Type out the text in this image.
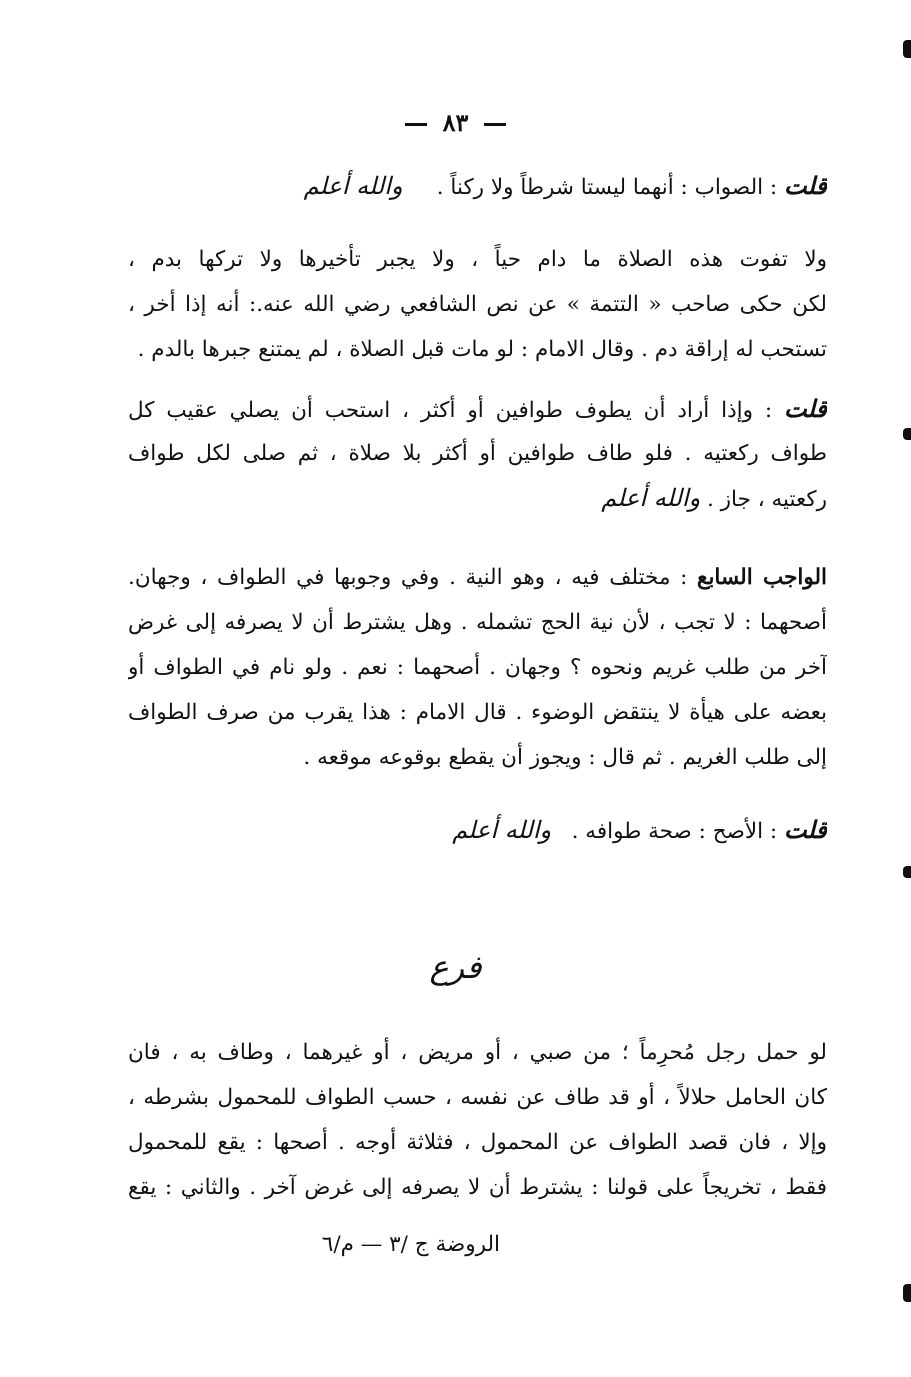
٨٣
قلت : الصواب : أنهما ليستا شرطاً ولا ركناً .     والله أعلم
ولا تفوت هذه الصلاة ما دام حياً ، ولا يجبر تأخيرها ولا تركها بدم ،
لكن حكى صاحب « التتمة » عن نص الشافعي رضي الله عنه.: أنه إذا أخر ،
تستحب له إراقة دم . وقال الامام : لو مات قبل الصلاة ، لم يمتنع جبرها بالدم .
قلت : وإذا أراد أن يطوف طوافين أو أكثر ، استحب أن يصلي عقيب كل
طواف ركعتيه . فلو طاف طوافين أو أكثر بلا صلاة ، ثم صلى لكل طواف
ركعتيه ، جاز . والله أعلم
الواجب السابع : مختلف فيه ، وهو النية . وفي وجوبها في الطواف ، وجهان.
أصحهما : لا تجب ، لأن نية الحج تشمله . وهل يشترط أن لا يصرفه إلى غرض
آخر من طلب غريم ونحوه ؟ وجهان . أصحهما : نعم . ولو نام في الطواف أو
بعضه على هيأة لا ينتقض الوضوء . قال الامام : هذا يقرب من صرف الطواف
إلى طلب الغريم . ثم قال : ويجوز أن يقطع بوقوعه موقعه .
قلت : الأصح : صحة طوافه .   والله أعلم
فرع
لو حمل رجل مُحرِماً ؛ من صبي ، أو مريض ، أو غيرهما ، وطاف به ، فان
كان الحامل حلالاً ، أو قد طاف عن نفسه ، حسب الطواف للمحمول بشرطه ،
وإلا ، فان قصد الطواف عن المحمول ، فثلاثة أوجه . أصحها : يقع للمحمول
فقط ، تخريجاً على قولنا : يشترط أن لا يصرفه إلى غرض آخر . والثاني : يقع
الروضة ج /٣ — م/٦
